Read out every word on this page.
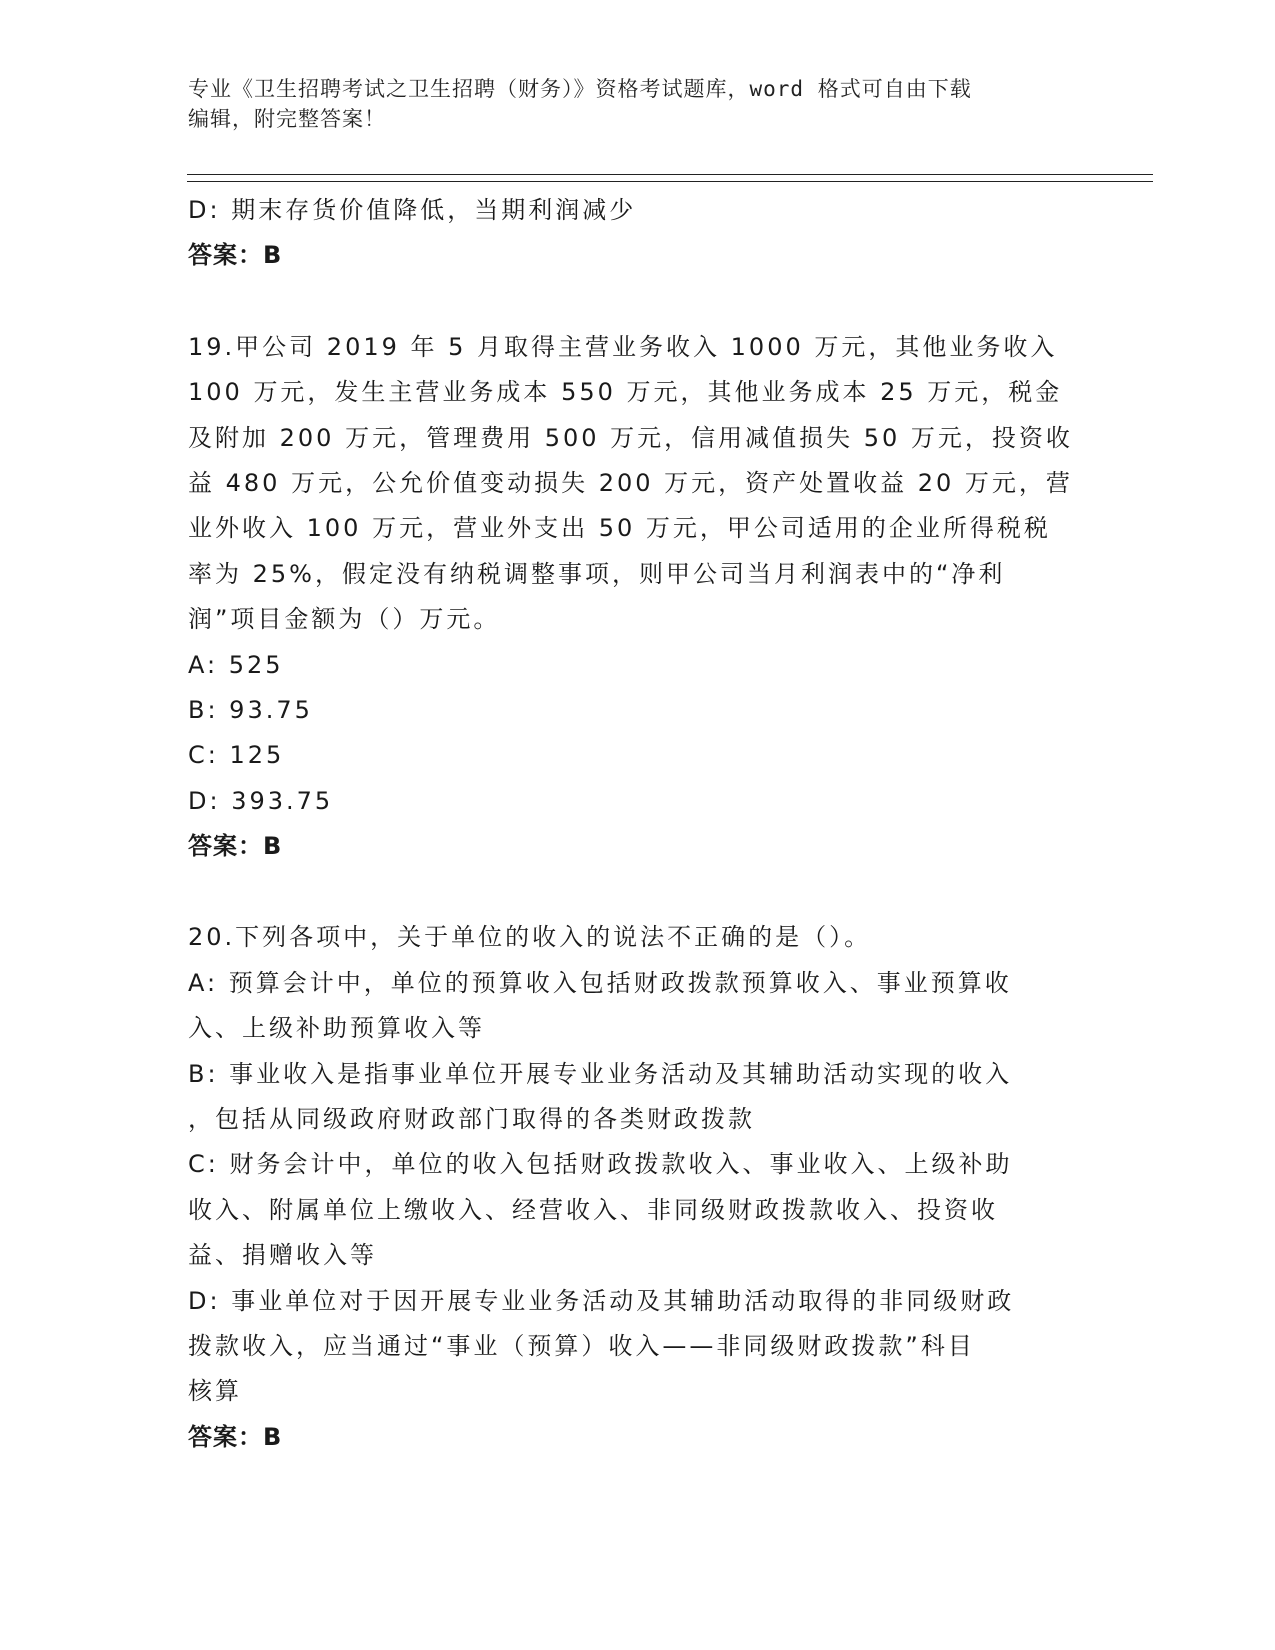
专业《卫生招聘考试之卫生招聘（财务）》资格考试题库，word 格式可自由下载
编辑，附完整答案！
D: 期末存货价值降低，当期利润减少
答案：B
19.甲公司 2019 年 5 月取得主营业务收入 1000 万元，其他业务收入
100 万元，发生主营业务成本 550 万元，其他业务成本 25 万元，税金
及附加 200 万元，管理费用 500 万元，信用减值损失 50 万元，投资收
益 480 万元，公允价值变动损失 200 万元，资产处置收益 20 万元，营
业外收入 100 万元，营业外支出 50 万元，甲公司适用的企业所得税税
率为 25%，假定没有纳税调整事项，则甲公司当月利润表中的“净利
润”项目金额为（）万元。
A: 525
B: 93.75
C: 125
D: 393.75
答案：B
20.下列各项中，关于单位的收入的说法不正确的是（）。
A: 预算会计中，单位的预算收入包括财政拨款预算收入、事业预算收
入、上级补助预算收入等
B: 事业收入是指事业单位开展专业业务活动及其辅助活动实现的收入
，包括从同级政府财政部门取得的各类财政拨款
C: 财务会计中，单位的收入包括财政拨款收入、事业收入、上级补助
收入、附属单位上缴收入、经营收入、非同级财政拨款收入、投资收
益、捐赠收入等
D: 事业单位对于因开展专业业务活动及其辅助活动取得的非同级财政
拨款收入，应当通过“事业（预算）收入——非同级财政拨款”科目
核算
答案：B
